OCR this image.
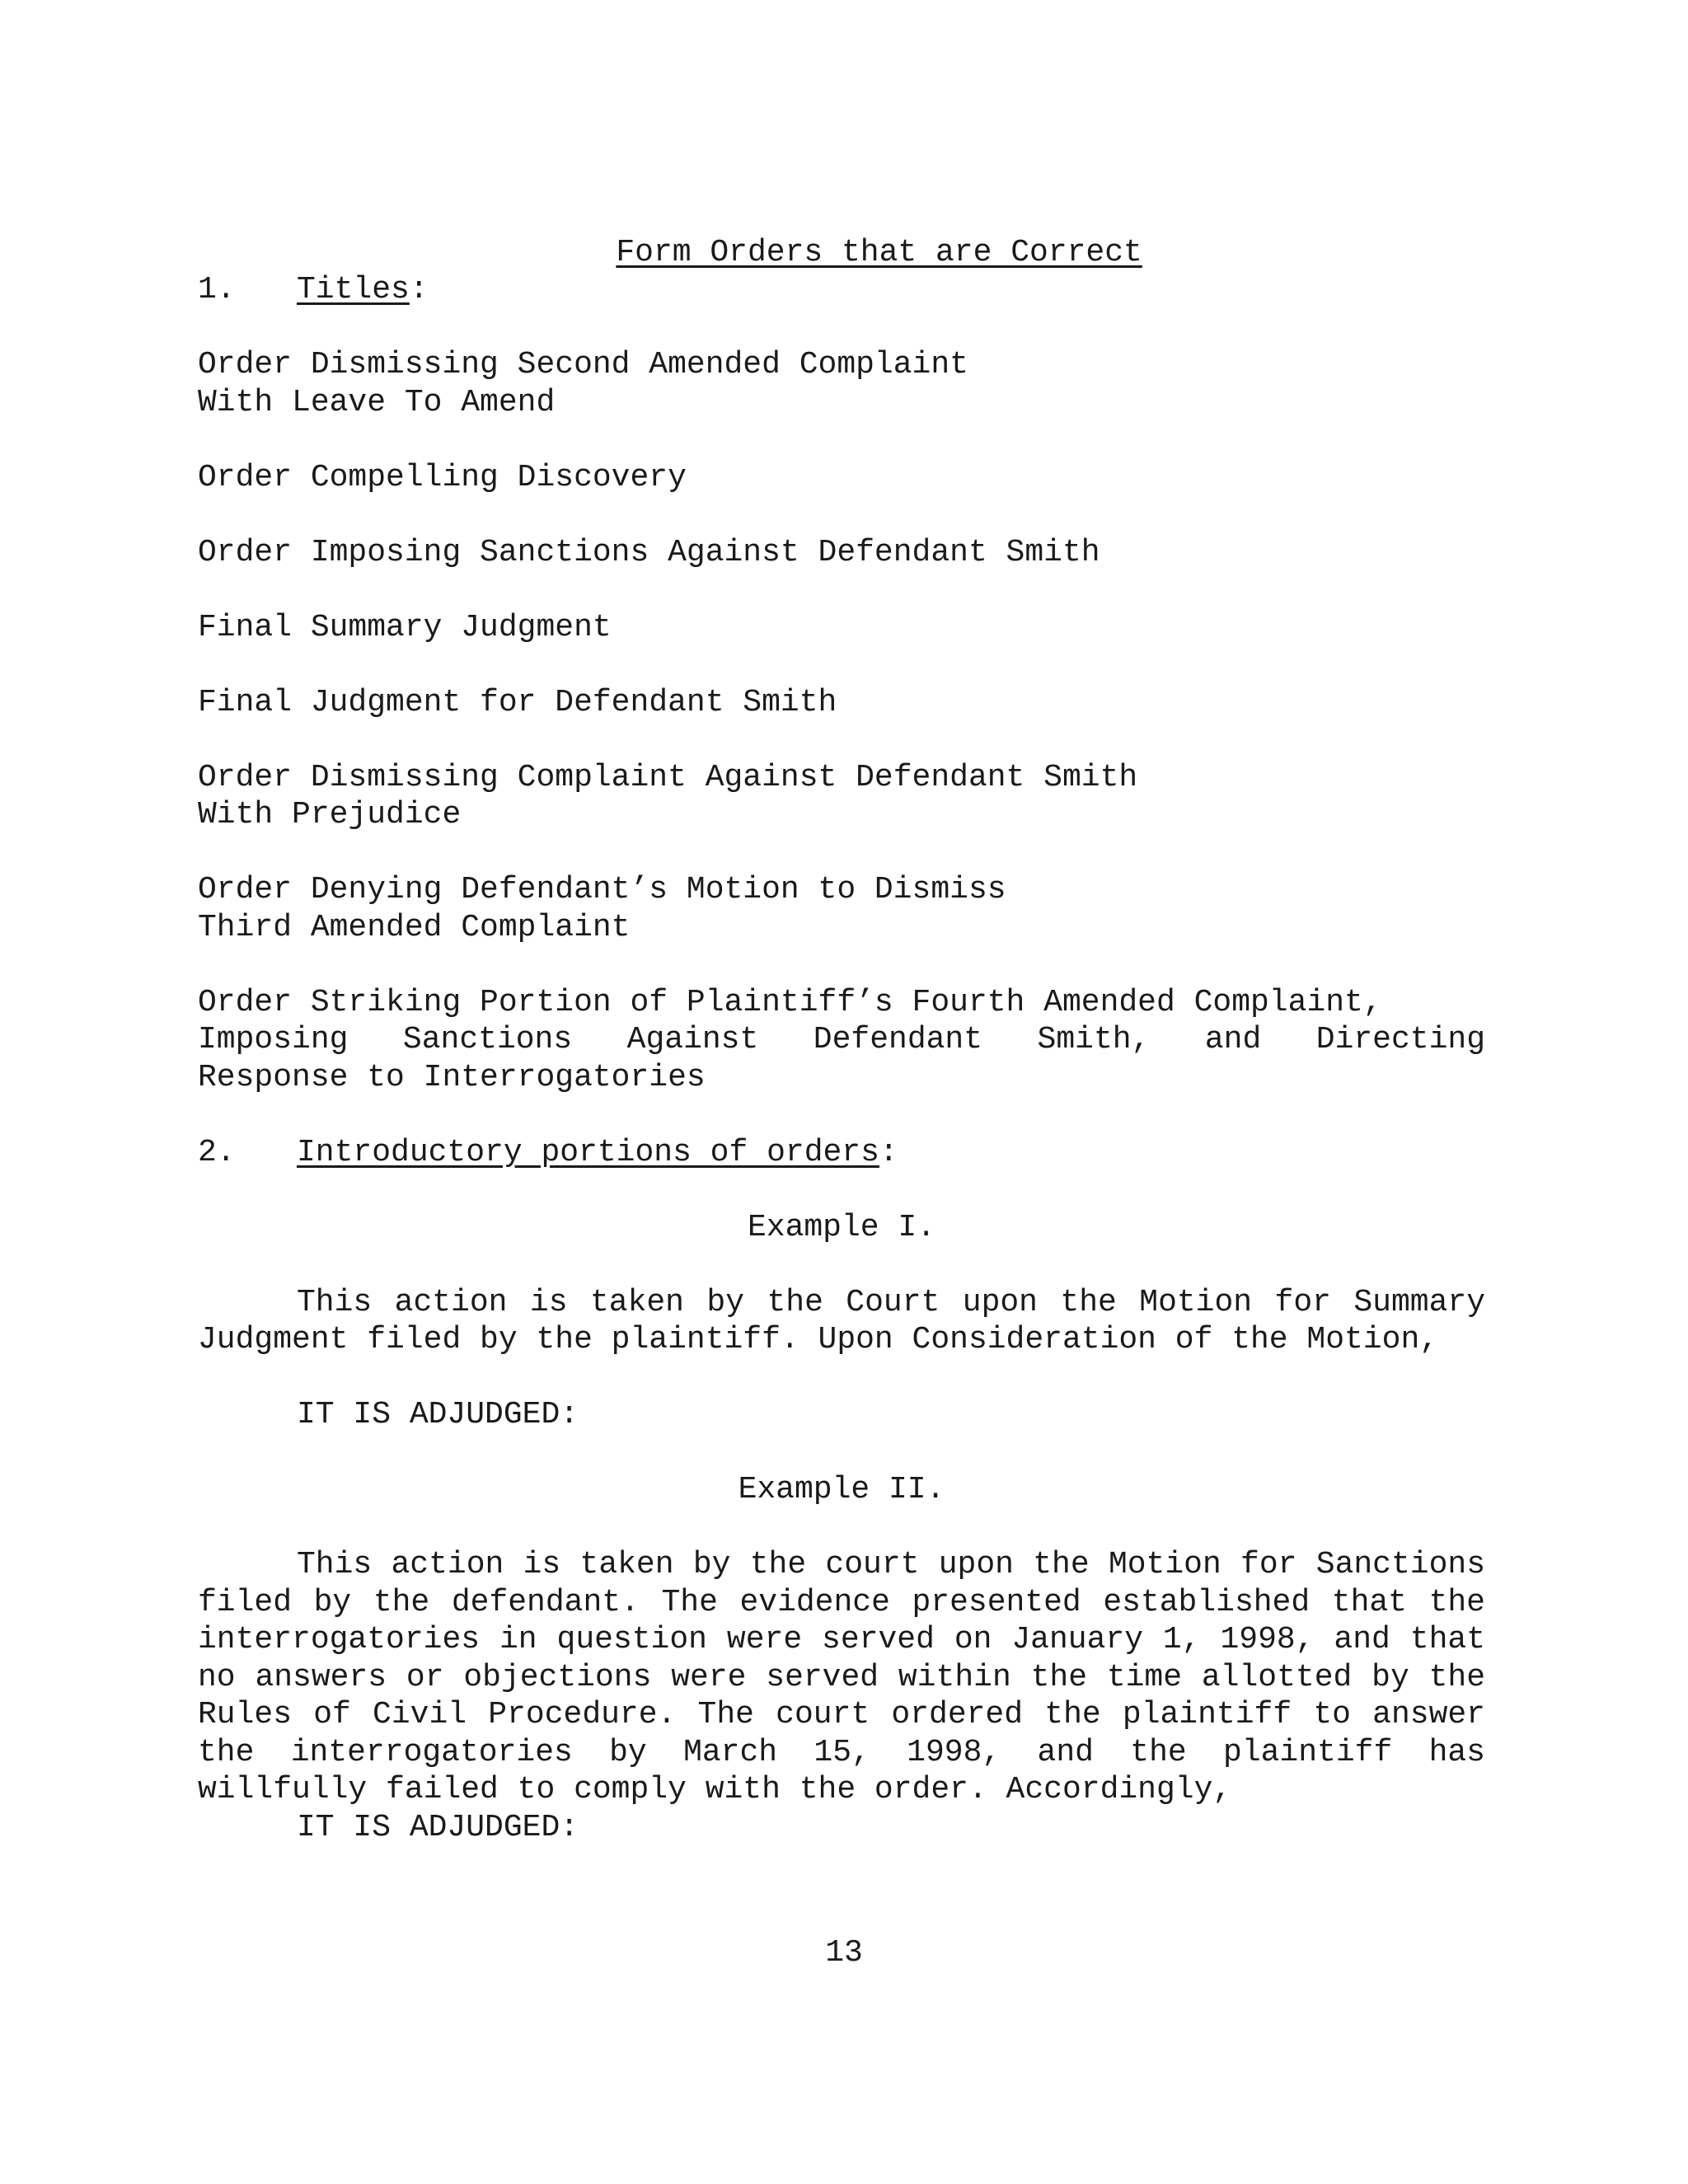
Form Orders that are Correct

1. Titles:
Order Dismissing Second Amended Complaint
With Leave To Amend
Order Compelling Discovery
Order Imposing Sanctions Against Defendant Smith
Final Summary Judgment
Final Judgment for Defendant Smith
Order Dismissing Complaint Against Defendant Smith
With Prejudice
Order Denying Defendant’s Motion to Dismiss
Third Amended Complaint
Order Striking Portion of Plaintiff’s Fourth Amended Complaint,
Imposing Sanctions Against Defendant Smith, and Directing
Response to Interrogatories
2. Introductory portions of orders:
Example I.
This action is taken by the Court upon the Motion for Summary Judgment filed by the plaintiff. Upon Consideration of the Motion,
IT IS ADJUDGED:
Example II.
This action is taken by the court upon the Motion for Sanctions filed by the defendant. The evidence presented established that the interrogatories in question were served on January 1, 1998, and that no answers or objections were served within the time allotted by the Rules of Civil Procedure. The court ordered the plaintiff to answer the interrogatories by March 15, 1998, and the plaintiff has willfully failed to comply with the order. Accordingly,
IT IS ADJUDGED:
13
